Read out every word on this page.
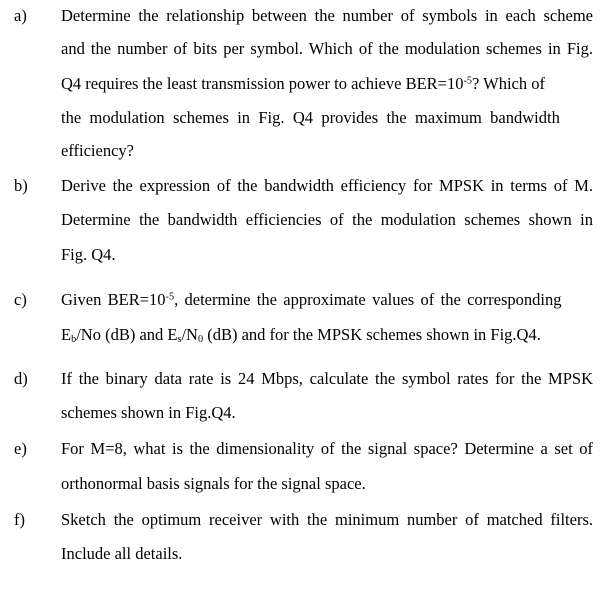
a) Determine the relationship between the number of symbols in each scheme
and the number of bits per symbol. Which of the modulation schemes in Fig.
Q4 requires the least transmission power to achieve $BER=10^{-5}$? Which of
the modulation schemes in Fig. Q4 provides the maximum bandwidth
efficiency?
b) Derive the expression of the bandwidth efficiency for MPSK in terms of M.
Determine the bandwidth efficiencies of the modulation schemes shown in
Fig. Q4.
c) Given $BER=10^{-5}$, determine the approximate values of the corresponding
$E_b/No$ (dB) and $E_s/N_0$ (dB) and for the MPSK schemes shown in Fig.Q4.
d) If the binary data rate is 24 Mbps, calculate the symbol rates for the MPSK
schemes shown in Fig.Q4.
e) For M=8, what is the dimensionality of the signal space? Determine a set of
orthonormal basis signals for the signal space.
f) Sketch the optimum receiver with the minimum number of matched filters.
Include all details.
